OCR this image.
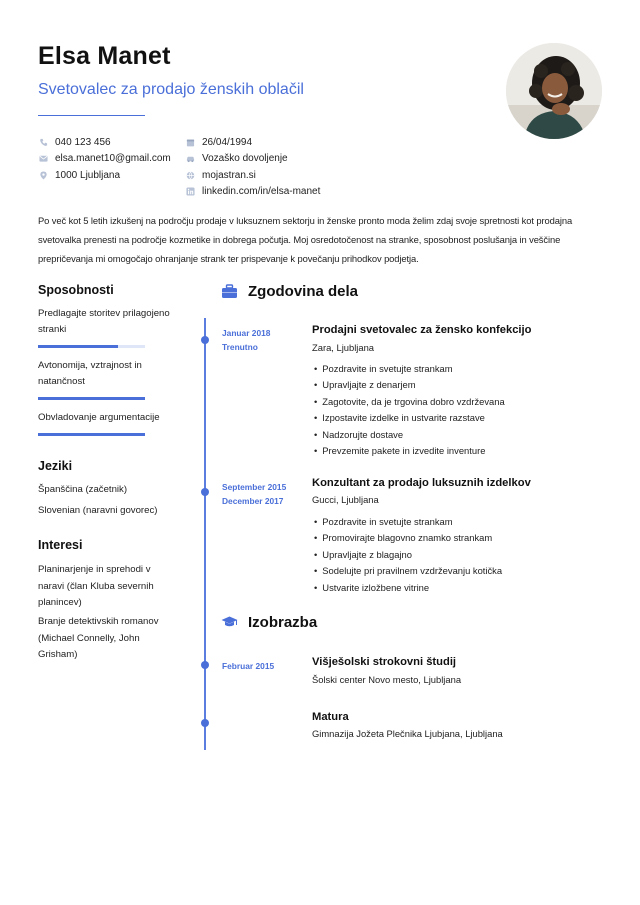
Elsa Manet
Svetovalec za prodajo ženskih oblačil
040 123 456
elsa.manet10@gmail.com
1000 Ljubljana
26/04/1994
Vozaško dovoljenje
mojastran.si
linkedin.com/in/elsa-manet

Po več kot 5 letih izkušenj na področju prodaje v luksuznem sektorju in ženske pronto moda želim zdaj svoje spretnosti kot prodajna svetovalka prenesti na področje kozmetike in dobrega počutja. Moj osredotočenost na stranke, sposobnost poslušanja in veščine prepričevanja mi omogočajo ohranjanje strank ter prispevanje k povečanju prihodkov podjetja.

Sposobnosti
Predlagajte storitev prilagojeno stranki
Avtonomija, vztrajnost in natančnost
Obvladovanje argumentacije
Jeziki
Španščina (začetnik)
Slovenian (naravni govorec)
Interesi
Planinarjenje in sprehodi v naravi (član Kluba severnih planincev)
Branje detektivskih romanov (Michael Connelly, John Grisham)
Zgodovina dela
Januar 2018
Trenutno
Prodajni svetovalec za žensko konfekcijo
Zara, Ljubljana
• Pozdravite in svetujte strankam
• Upravljajte z denarjem
• Zagotovite, da je trgovina dobro vzdrževana
• Izpostavite izdelke in ustvarite razstave
• Nadzorujte dostave
• Prevzemite pakete in izvedite inventure
September 2015
December 2017
Konzultant za prodajo luksuznih izdelkov
Gucci, Ljubljana
• Pozdravite in svetujte strankam
• Promovirajte blagovno znamko strankam
• Upravljajte z blagajno
• Sodelujte pri pravilnem vzdrževanju kotička
• Ustvarite izložbene vitrine
Izobrazba
Februar 2015	Višješolski strokovni študij
Šolski center Novo mesto, Ljubljana
Matura
Gimnazija Jožeta Plečnika Ljubjana, Ljubljana
